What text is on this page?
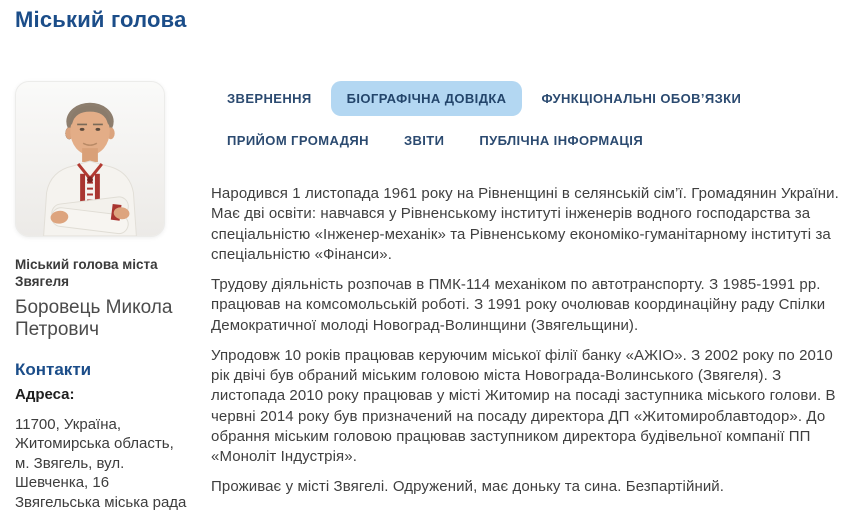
Міський голова
Міський голова міста Звягеля
Боровець Микола Петрович
Контакти
Адреса:
11700, Україна, Житомирська область, м. Звягель, вул. Шевченка, 16
Звягельська міська рада
ЗВЕРНЕННЯ	БІОГРАФІЧНА ДОВІДКА	ФУНКЦІОНАЛЬНІ ОБОВ’ЯЗКИ
ПРИЙОМ ГРОМАДЯН	ЗВІТИ	ПУБЛІЧНА ІНФОРМАЦІЯ

Народився 1 листопада 1961 року на Рівненщині в селянській сім’ї. Громадянин України. Має дві освіти: навчався у Рівненському інституті інженерів водного господарства за спеціальністю «Інженер-механік» та Рівненському економіко-гуманітарному інституті за спеціальністю «Фінанси».

Трудову діяльність розпочав в ПМК-114 механіком по автотранспорту. З 1985-1991 рр. працював на комсомольській роботі. З 1991 року очолював координаційну раду Спілки Демократичної молоді Новоград-Волинщини (Звягельщини).

Упродовж 10 років працював керуючим міської філії банку «АЖІО». З 2002 року по 2010 рік двічі був обраний міським головою міста Новограда-Волинського (Звягеля). З листопада 2010 року працював у місті Житомир на посаді заступника міського голови. В червні 2014 року був призначений на посаду директора ДП «Житомироблавтодор». До обрання міським головою працював заступником директора будівельної компанії ПП «Моноліт Індустрія».

Проживає у місті Звягелі. Одружений, має доньку та сина. Безпартійний.
